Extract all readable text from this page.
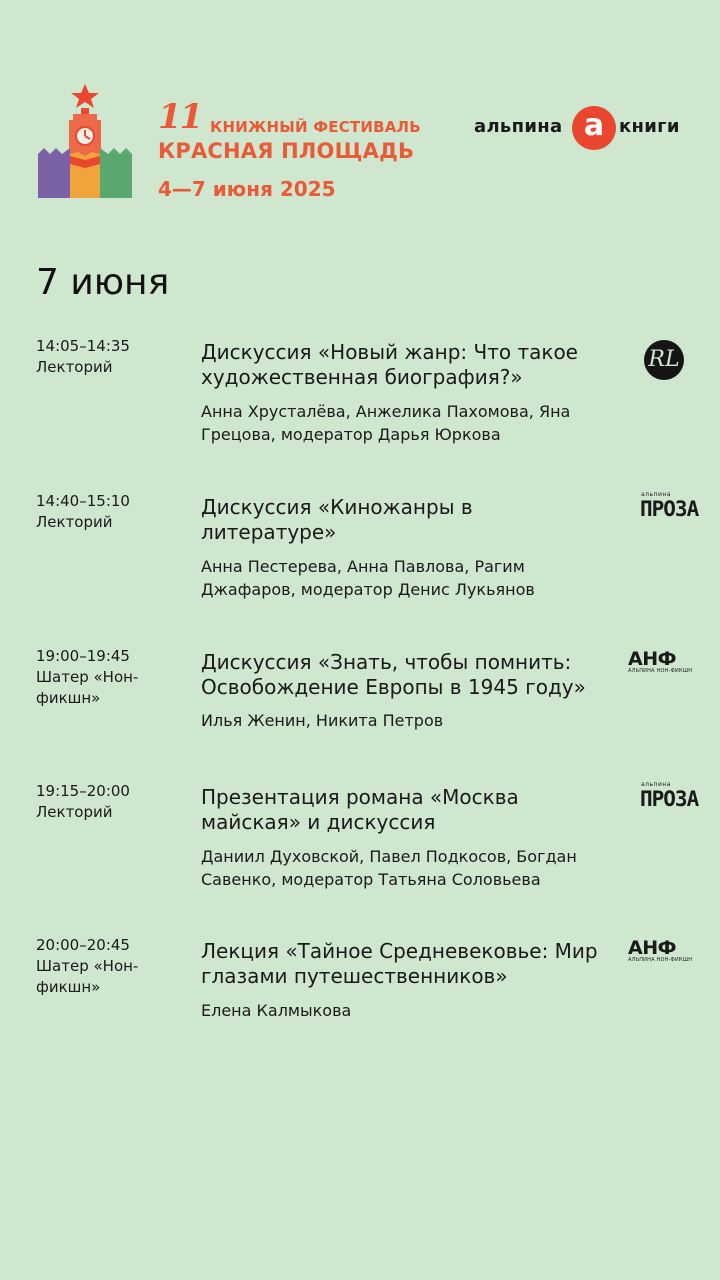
11 КНИЖНЫЙ ФЕСТИВАЛЬ
КРАСНАЯ ПЛОЩАДЬ
4—7 июня 2025
альпина а книги
7 июня
14:05–14:35
Лекторий
Дискуссия «Новый жанр: Что такое художественная биография?»
Анна Хрусталёва, Анжелика Пахомова, Яна Грецова, модератор Дарья Юркова
RL
14:40–15:10
Лекторий
Дискуссия «Киножанры в литературе»
Анна Пестерева, Анна Павлова, Рагим Джафаров, модератор Денис Лукьянов
альпина
ПРОЗА
19:00–19:45
Шатер «Нон-фикшн»
Дискуссия «Знать, чтобы помнить: Освобождение Европы в 1945 году»
Илья Женин, Никита Петров
АНФ
АЛЬПИНА НОН-ФИКШН
19:15–20:00
Лекторий
Презентация романа «Москва майская» и дискуссия
Даниил Духовской, Павел Подкосов, Богдан Савенко, модератор Татьяна Соловьева
альпина
ПРОЗА
20:00–20:45
Шатер «Нон-фикшн»
Лекция «Тайное Средневековье: Мир глазами путешественников»
Елена Калмыкова
АНФ
АЛЬПИНА НОН-ФИКШН
